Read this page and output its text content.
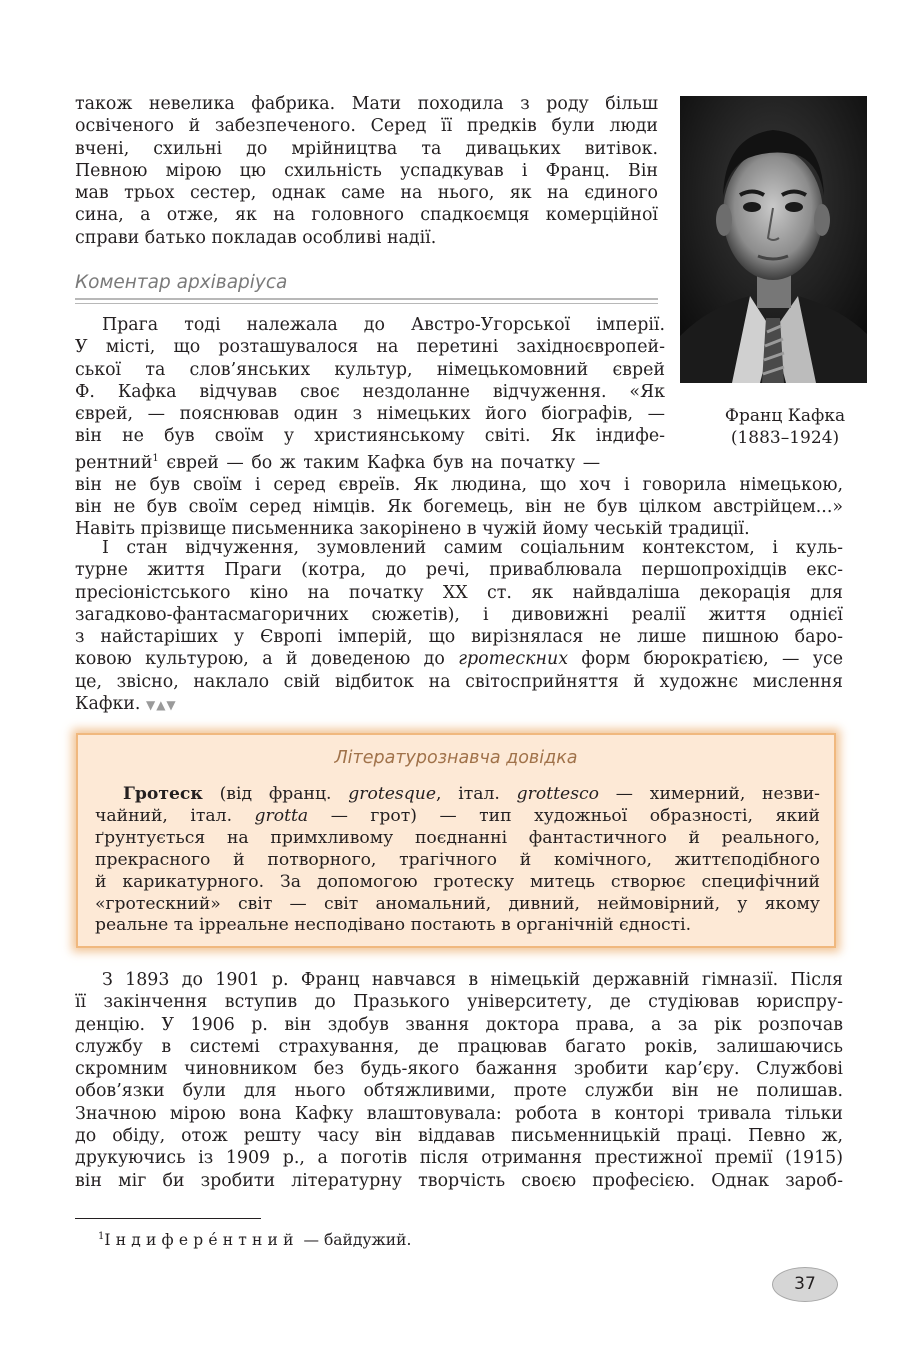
також невелика фабрика. Мати походила з роду більш
освіченого й забезпеченого. Серед її предків були люди
вчені, схильні до мрійництва та дивацьких витівок.
Певною мірою цю схильність успадкував і Франц. Він
мав трьох сестер, однак саме на нього, як на єдиного
сина, а отже, як на головного спадкоємця комерційної
справи батько покладав особливі надії.
Коментар архіваріуса
Прага тоді належала до Австро-Угорської імперії.
У місті, що розташувалося на перетині західноєвропей-
ської та слов’янських культур, німецькомовний єврей
Ф. Кафка відчував своє нездоланне відчуження. «Як
єврей, — пояснював один з німецьких його біографів, —
він не був своїм у християнському світі. Як індифе-
рентний$^1$ єврей — бо ж таким Кафка був на початку —
він не був своїм і серед євреїв. Як людина, що хоч і говорила німецькою,
він не був своїм серед німців. Як богемець, він не був цілком австрійцем...»
Навіть прізвище письменника закорінено в чужій йому чеській традиції.
І стан відчуження, зумовлений самим соціальним контекстом, і куль-
турне життя Праги (котра, до речі, приваблювала першопрохідців екс-
пресіоністського кіно на початку XX ст. як найвдаліша декорація для
загадково-фантасмагоричних сюжетів), і дивовижні реалії життя однієї
з найстаріших у Європі імперій, що вирізнялася не лише пишною баро-
ковою культурою, а й доведеною до гротескних форм бюрократією, — усе
це, звісно, наклало свій відбиток на світосприйняття й художнє мислення
Кафки. ▼▲▼
Франц Кафка
(1883–1924)
Літературознавча довідка
Гротеск (від франц. grotesque, італ. grottesco — химерний, незви-
чайний, італ. grotta — грот) — тип художньої образності, який
ґрунтується на примхливому поєднанні фантастичного й реального,
прекрасного й потворного, трагічного й комічного, життєподібного
й карикатурного. За допомогою гротеску митець створює специфічний
«гротескний» світ — світ аномальний, дивний, неймовірний, у якому
реальне та ірреальне несподівано постають в органічній єдності.
З 1893 до 1901 р. Франц навчався в німецькій державній гімназії. Після
її закінчення вступив до Празького університету, де студіював юриспру-
денцію. У 1906 р. він здобув звання доктора права, а за рік розпочав
службу в системі страхування, де працював багато років, залишаючись
скромним чиновником без будь-якого бажання зробити кар’єру. Службові
обов’язки були для нього обтяжливими, проте служби він не полишав.
Значною мірою вона Кафку влаштовувала: робота в конторі тривала тільки
до обіду, отож решту часу він віддавав письменницькій праці. Певно ж,
друкуючись із 1909 р., а поготів після отримання престижної премії (1915)
він міг би зробити літературну творчість своєю професією. Однак зароб-
$^1$Індифере́нтний — байдужий.
37
